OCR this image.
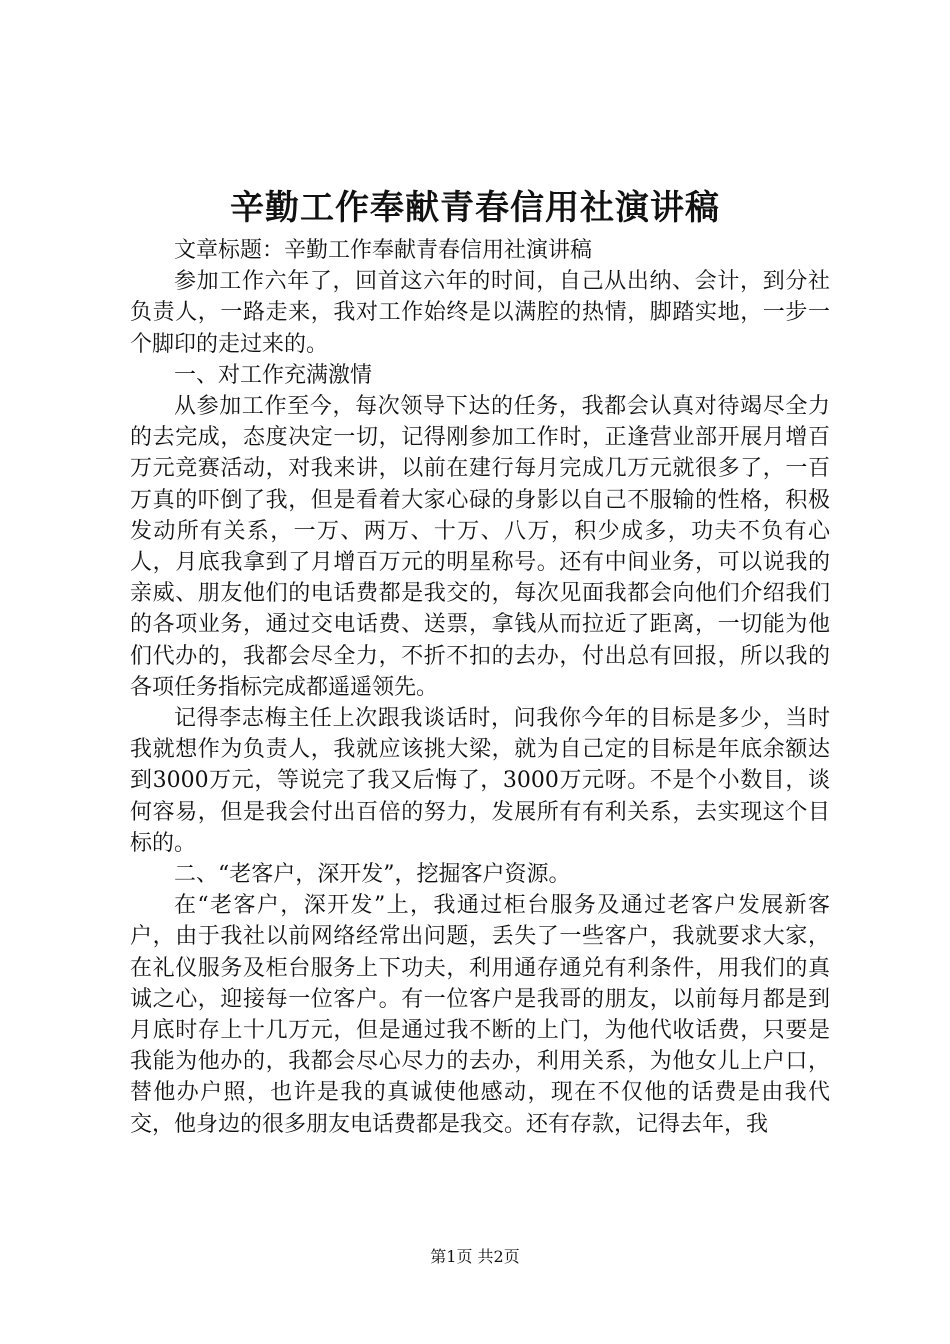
辛勤工作奉献青春信用社演讲稿

文章标题：辛勤工作奉献青春信用社演讲稿

参加工作六年了，回首这六年的时间，自己从出纳、会计，到分社负责人，一路走来，我对工作始终是以满腔的热情，脚踏实地，一步一个脚印的走过来的。

一、对工作充满激情

从参加工作至今，每次领导下达的任务，我都会认真对待竭尽全力的去完成，态度决定一切，记得刚参加工作时，正逢营业部开展月增百万元竞赛活动，对我来讲，以前在建行每月完成几万元就很多了，一百万真的吓倒了我，但是看着大家心碌的身影以自己不服输的性格，积极发动所有关系，一万、两万、十万、八万，积少成多，功夫不负有心人，月底我拿到了月增百万元的明星称号。还有中间业务，可以说我的亲威、朋友他们的电话费都是我交的，每次见面我都会向他们介绍我们的各项业务，通过交电话费、送票，拿钱从而拉近了距离，一切能为他们代办的，我都会尽全力，不折不扣的去办，付出总有回报，所以我的各项任务指标完成都遥遥领先。

记得李志梅主任上次跟我谈话时，问我你今年的目标是多少，当时我就想作为负责人，我就应该挑大梁，就为自己定的目标是年底余额达到3000万元，等说完了我又后悔了，3000万元呀。不是个小数目，谈何容易，但是我会付出百倍的努力，发展所有有利关系，去实现这个目标的。

二、“老客户，深开发”，挖掘客户资源。

在“老客户，深开发”上，我通过柜台服务及通过老客户发展新客户，由于我社以前网络经常出问题，丢失了一些客户，我就要求大家，在礼仪服务及柜台服务上下功夫，利用通存通兑有利条件，用我们的真诚之心，迎接每一位客户。有一位客户是我哥的朋友，以前每月都是到月底时存上十几万元，但是通过我不断的上门，为他代收话费，只要是我能为他办的，我都会尽心尽力的去办，利用关系，为他女儿上户口，替他办户照，也许是我的真诚使他感动，现在不仅他的话费是由我代交，他身边的很多朋友电话费都是我交。还有存款，记得去年，我

第1页 共2页
